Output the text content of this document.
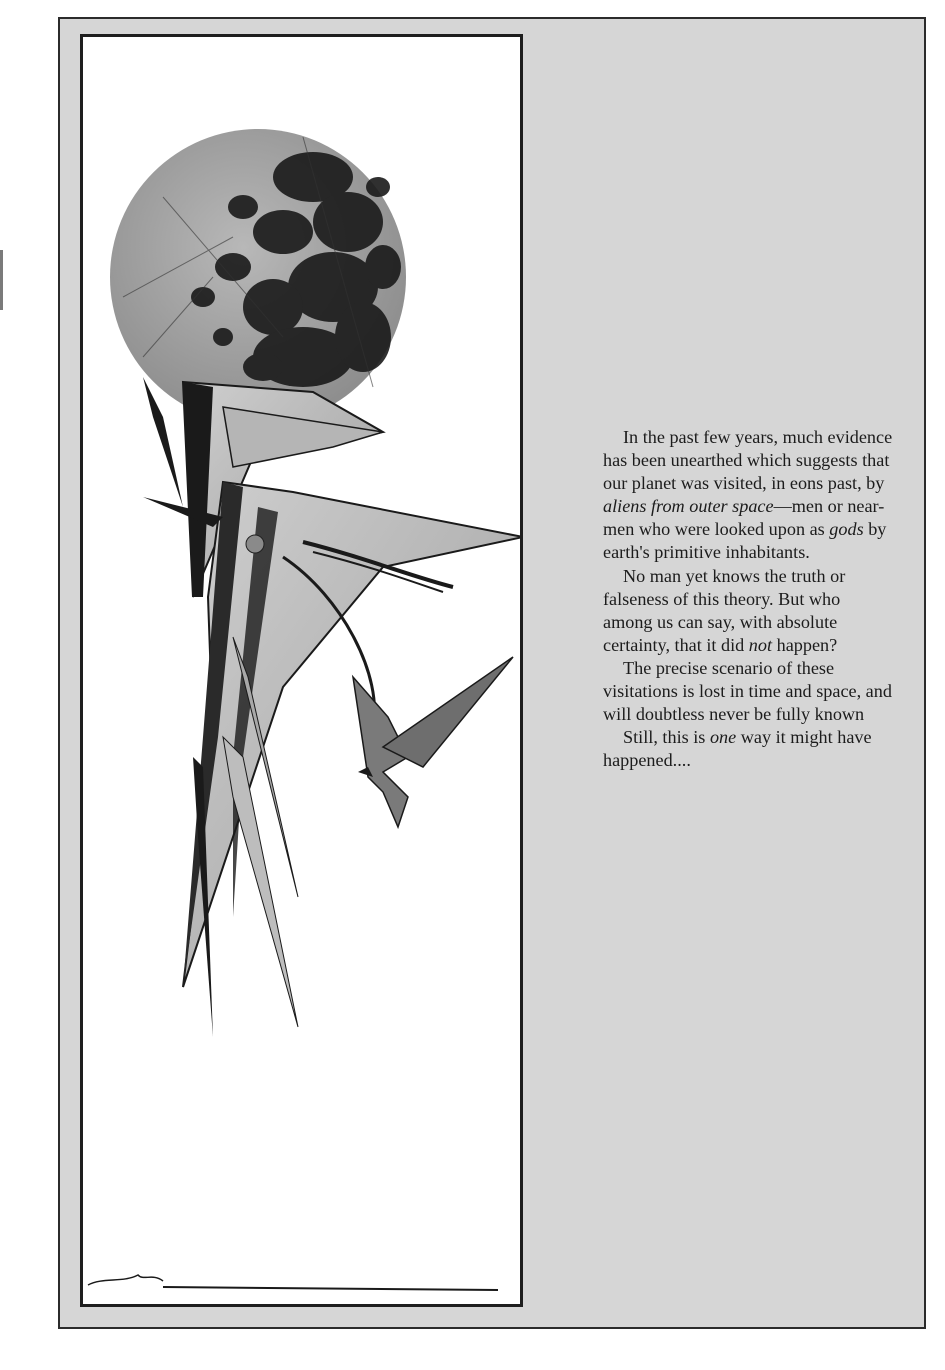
In the past few years, much evidence has been unearthed which suggests that our planet was visited, in eons past, by aliens from outer space—men or near-men who were looked upon as gods by earth's primitive inhabitants.

No man yet knows the truth or falseness of this theory. But who among us can say, with absolute certainty, that it did not happen?

The precise scenario of these visitations is lost in time and space, and will doubtless never be fully known

Still, this is one way it might have happened....
